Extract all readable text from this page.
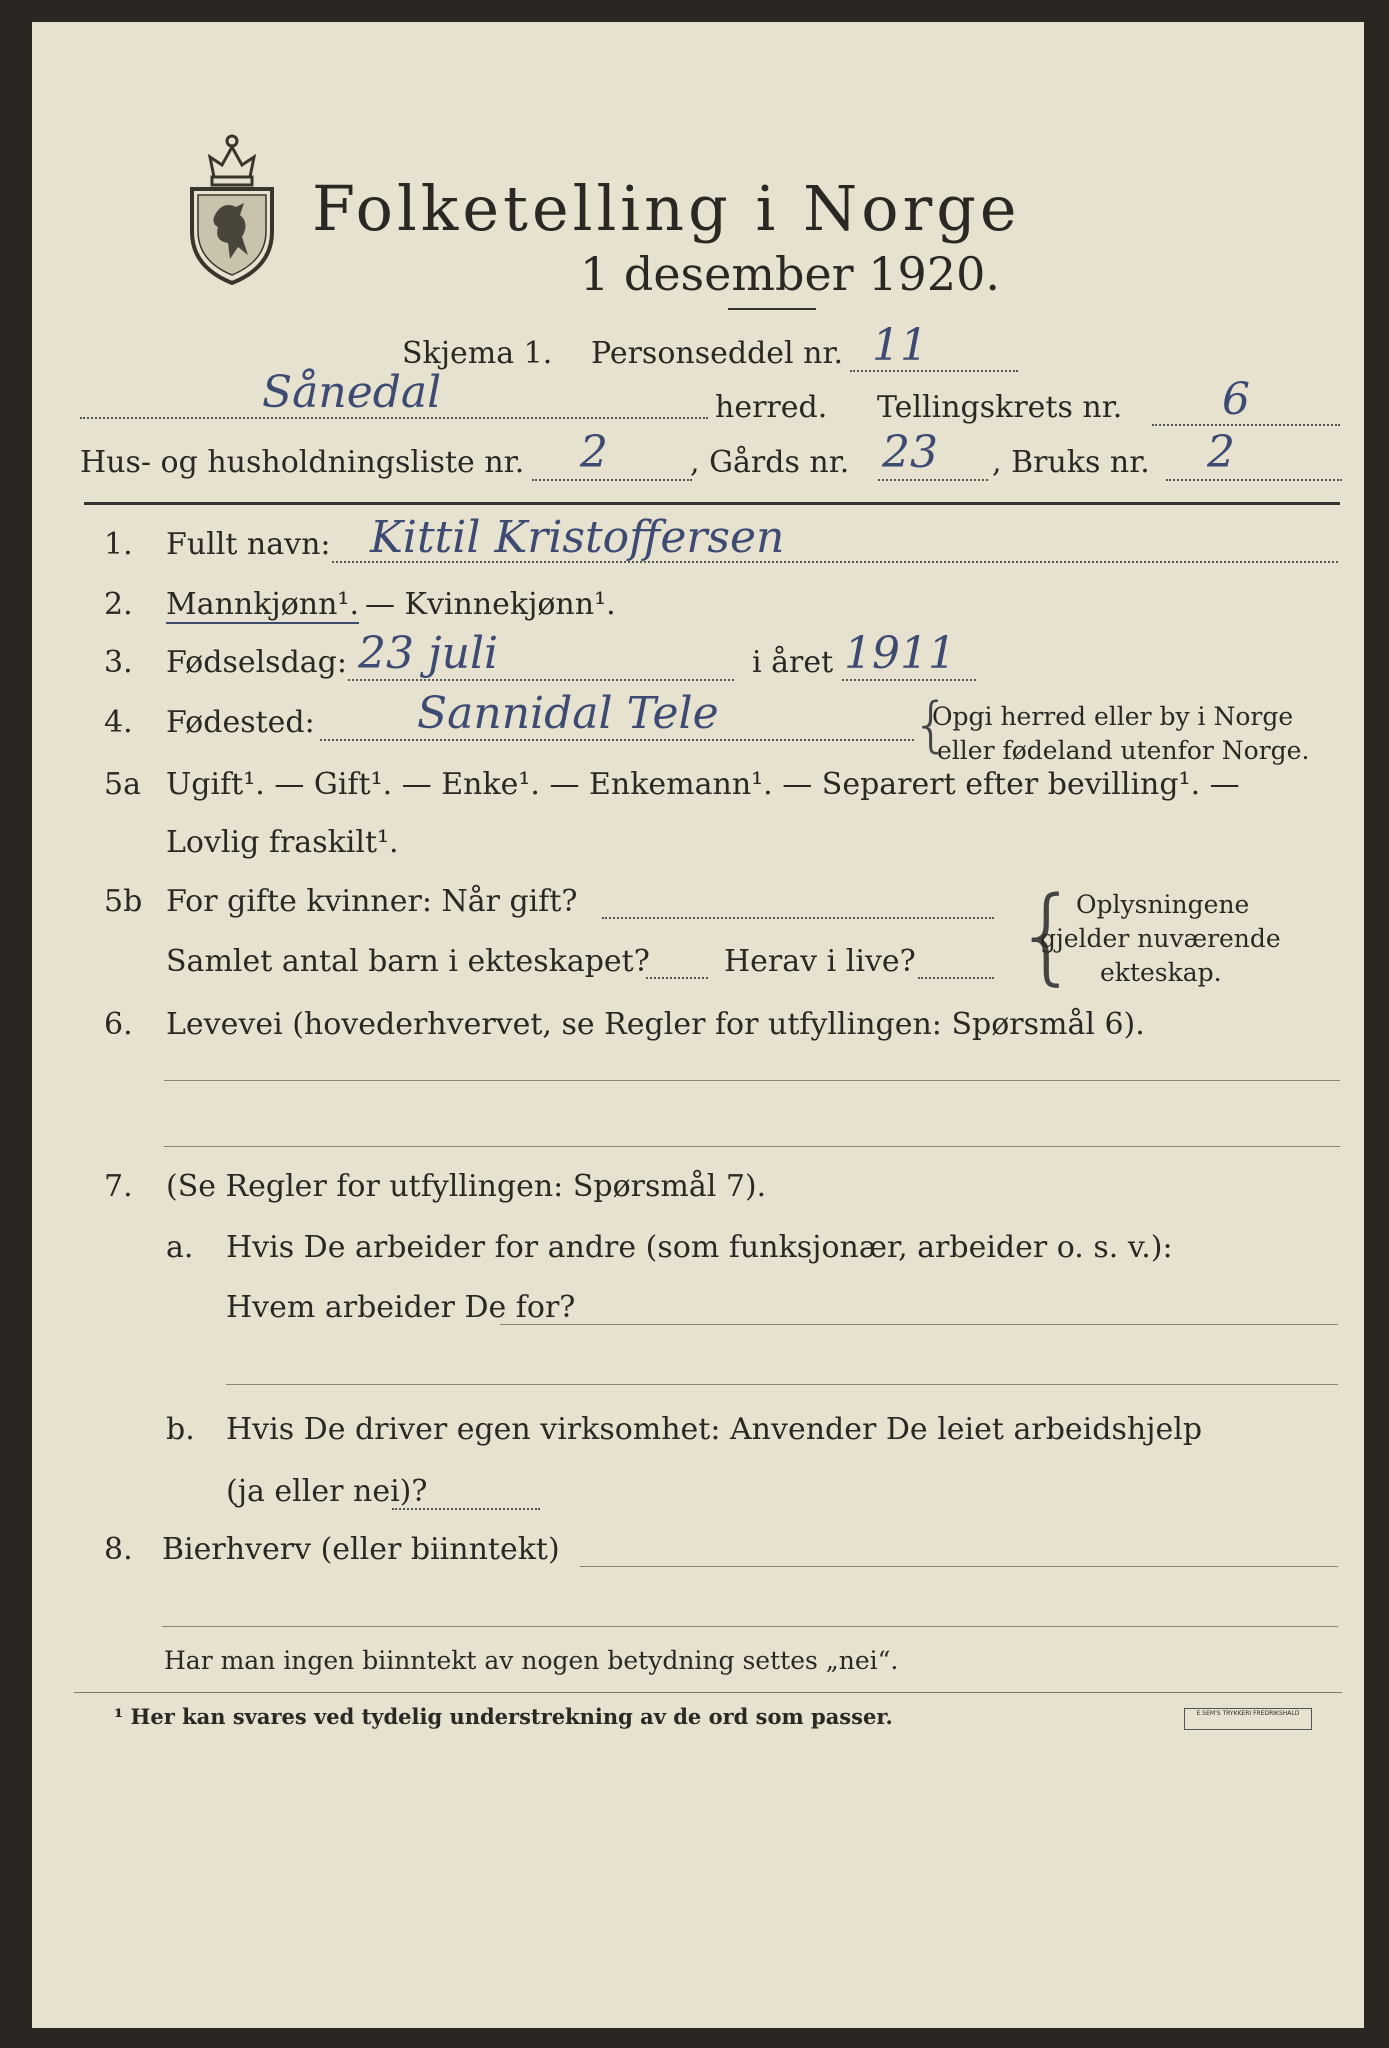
Folketelling i Norge
1 desember 1920.
Skjema 1. Personseddel nr. 11
Sånedal	herred. Tellingskrets nr. 6
Hus- og husholdningsliste nr. 2	, Gårds nr. 23 , Bruks nr. 2
1. Fullt navn: Kittil Kristoffersen
2. Mannkjønn¹. — Kvinnekjønn¹.
3. Fødselsdag: 23 juli	i året 1911
4. Fødested: Sannidal Tele	{
Opgi herred eller by i Norge
eller fødeland utenfor Norge.
5a Ugift¹. — Gift¹. — Enke¹. — Enkemann¹. — Separert efter bevilling¹. —
Lovlig fraskilt¹.
5b For gifte kvinner: Når gift?
Samlet antal barn i ekteskapet? Herav i live? {
Oplysningene
gjelder nuværende
ekteskap.
6. Levevei (hovederhvervet, se Regler for utfyllingen: Spørsmål 6).
7. (Se Regler for utfyllingen: Spørsmål 7).
a. Hvis De arbeider for andre (som funksjonær, arbeider o. s. v.):
Hvem arbeider De for?
b. Hvis De driver egen virksomhet: Anvender De leiet arbeidshjelp
(ja eller nei)?
8. Bierhverv (eller biinntekt)
Har man ingen biinntekt av nogen betydning settes „nei“.
¹ Her kan svares ved tydelig understrekning av de ord som passer.	E.SEM'S TRYKKERI FREDRIKSHALD
